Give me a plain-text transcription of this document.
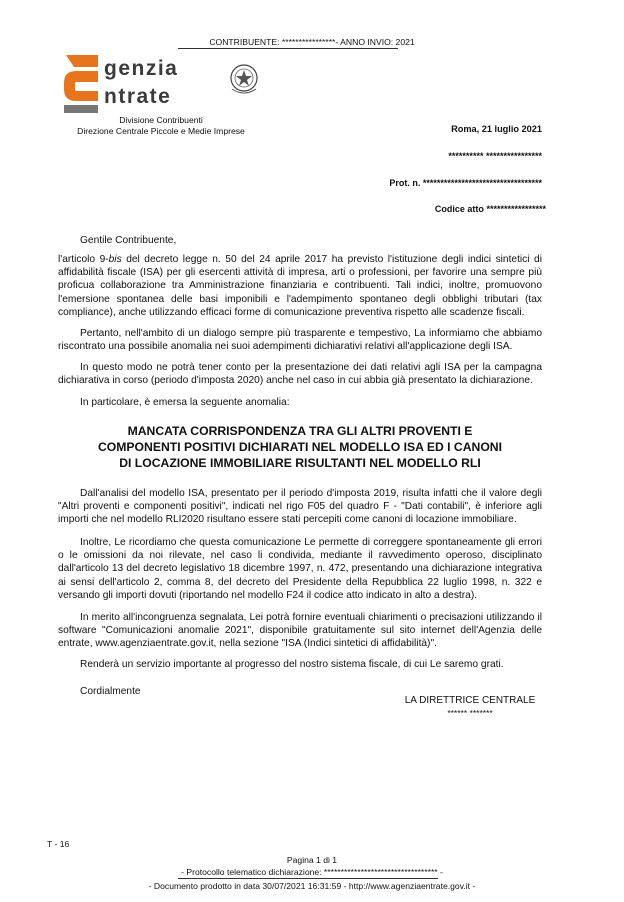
CONTRIBUENTE: ****************- ANNO INVIO: 2021
genzia
ntrate
Divisione Contribuenti
Direzione Centrale Piccole e Medie Imprese	Roma, 21 luglio 2021
********** ****************
Prot. n. **********************************
Codice atto *****************
Gentile Contribuente,
l'articolo 9-bis del decreto legge n. 50 del 24 aprile 2017 ha previsto l'istituzione degli indici sintetici di affidabilità fiscale (ISA) per gli esercenti attività di impresa, arti o professioni, per favorire una sempre più proficua collaborazione tra Amministrazione finanziaria e contribuenti. Tali indici, inoltre, promuovono l'emersione spontanea delle basi imponibili e l'adempimento spontaneo degli obblighi tributari (tax compliance), anche utilizzando efficaci forme di comunicazione preventiva rispetto alle scadenze fiscali.
Pertanto, nell'ambito di un dialogo sempre più trasparente e tempestivo, La informiamo che abbiamo riscontrato una possibile anomalia nei suoi adempimenti dichiarativi relativi all'applicazione degli ISA.
In questo modo ne potrà tener conto per la presentazione dei dati relativi agli ISA per la campagna dichiarativa in corso (periodo d'imposta 2020) anche nel caso in cui abbia già presentato la dichiarazione.
In particolare, è emersa la seguente anomalia:
MANCATA CORRISPONDENZA TRA GLI ALTRI PROVENTI E
COMPONENTI POSITIVI DICHIARATI NEL MODELLO ISA ED I CANONI
DI LOCAZIONE IMMOBILIARE RISULTANTI NEL MODELLO RLI
Dall'analisi del modello ISA, presentato per il periodo d'imposta 2019, risulta infatti che il valore degli "Altri proventi e componenti positivi", indicati nel rigo F05 del quadro F - "Dati contabili", è inferiore agli importi che nel modello RLI2020 risultano essere stati percepiti come canoni di locazione immobiliare.
Inoltre, Le ricordiamo che questa comunicazione Le permette di correggere spontaneamente gli errori o le omissioni da noi rilevate, nel caso li condivida, mediante il ravvedimento operoso, disciplinato dall'articolo 13 del decreto legislativo 18 dicembre 1997, n. 472, presentando una dichiarazione integrativa ai sensi dell'articolo 2, comma 8, del decreto del Presidente della Repubblica 22 luglio 1998, n. 322 e versando gli importi dovuti (riportando nel modello F24 il codice atto indicato in alto a destra).
In merito all'incongruenza segnalata, Lei potrà fornire eventuali chiarimenti o precisazioni utilizzando il software "Comunicazioni anomalie 2021", disponibile gratuitamente sul sito internet dell'Agenzia delle entrate, www.agenziaentrate.gov.it, nella sezione "ISA (Indici sintetici di affidabilità)".
Renderà un servizio importante al progresso del nostro sistema fiscale, di cui Le saremo grati.
Cordialmente
LA DIRETTRICE CENTRALE
****** *******
T - 16
Pagina 1 di 1
- Protocollo telematico dichiarazione: ********************************** -
- Documento prodotto in data 30/07/2021 16:31:59 - http://www.agenziaentrate.gov.it -
